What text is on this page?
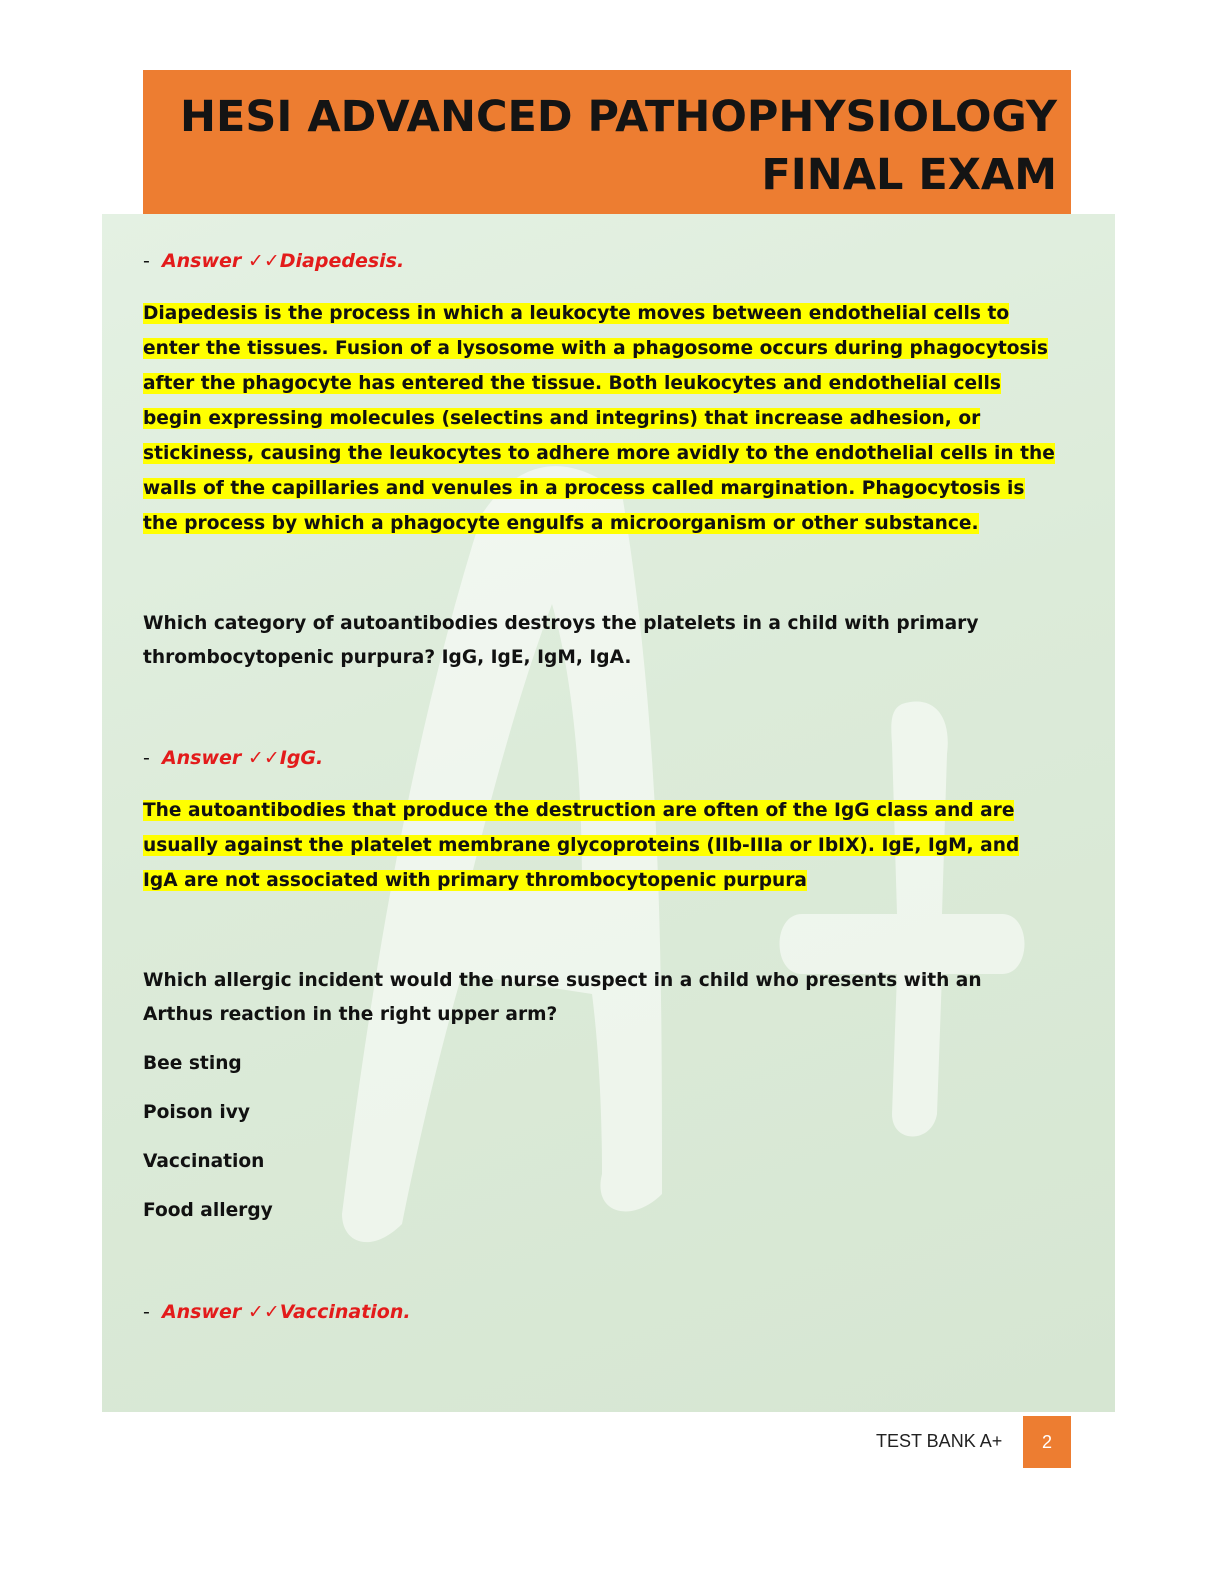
HESI ADVANCED PATHOPHYSIOLOGY
FINAL EXAM

- Answer ✓✓Diapedesis.

Diapedesis is the process in which a leukocyte moves between endothelial cells to enter the tissues. Fusion of a lysosome with a phagosome occurs during phagocytosis after the phagocyte has entered the tissue. Both leukocytes and endothelial cells begin expressing molecules (selectins and integrins) that increase adhesion, or stickiness, causing the leukocytes to adhere more avidly to the endothelial cells in the walls of the capillaries and venules in a process called margination. Phagocytosis is the process by which a phagocyte engulfs a microorganism or other substance.

Which category of autoantibodies destroys the platelets in a child with primary thrombocytopenic purpura? IgG, IgE, IgM, IgA.

- Answer ✓✓IgG.

The autoantibodies that produce the destruction are often of the IgG class and are usually against the platelet membrane glycoproteins (IIb-IIIa or IbIX). IgE, IgM, and IgA are not associated with primary thrombocytopenic purpura

Which allergic incident would the nurse suspect in a child who presents with an Arthus reaction in the right upper arm?

Bee sting

Poison ivy

Vaccination

Food allergy

- Answer ✓✓Vaccination.

TEST BANK A+	2
